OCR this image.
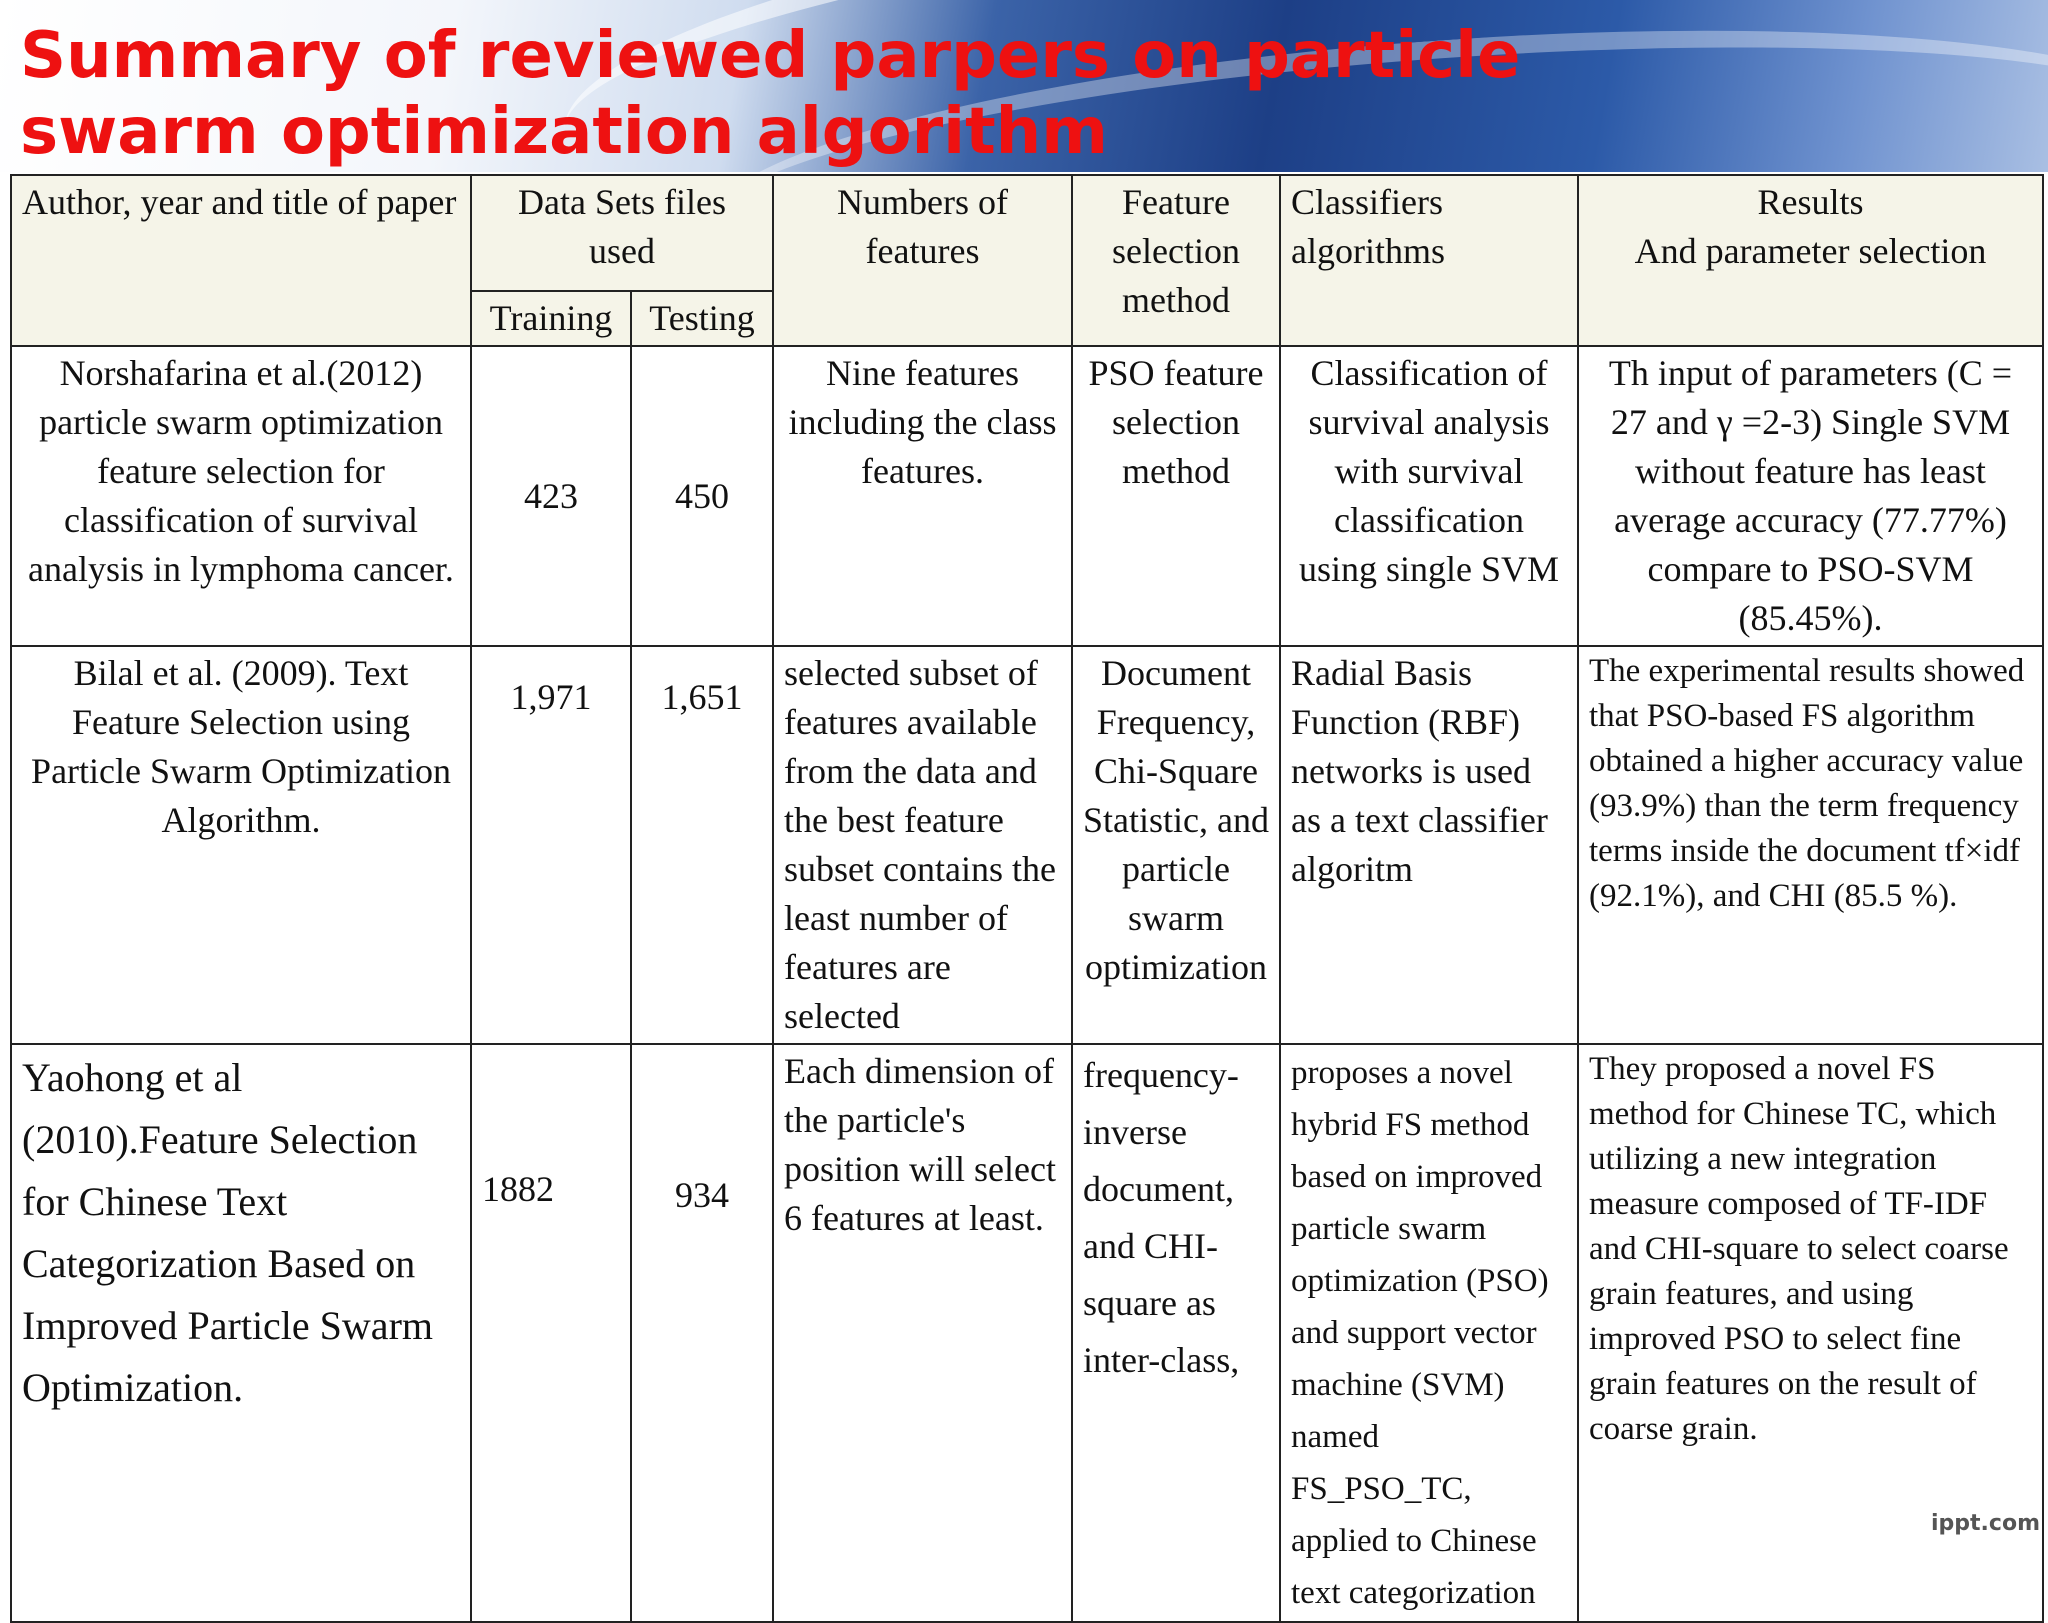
Summary of reviewed parpers on particle swarm optimization algorithm
Author, year and title of paper	Data Sets files used		Numbers of features	Feature selection method	Classifiers algorithms	Results
And parameter selection
	Training	Testing				
Norshafarina et al.(2012) particle swarm optimization feature selection for classification of survival analysis in lymphoma cancer.	423	450	Nine features including the class features.	PSO feature selection method	Classification of survival analysis with survival classification using single SVM	Th input of parameters (C = 27 and γ =2-3) Single SVM without feature has least average accuracy (77.77%) compare to PSO-SVM (85.45%).
Bilal et al. (2009). Text Feature Selection using Particle Swarm Optimization Algorithm.	1,971	1,651	selected subset of features available from the data and the best feature subset contains the least number of features are selected	Document Frequency, Chi-Square Statistic, and particle swarm optimization	Radial Basis Function (RBF) networks is used as a text classifier algoritm	The experimental results showed that PSO-based FS algorithm obtained a higher accuracy value (93.9%) than the term frequency terms inside the document tf×idf (92.1%), and CHI (85.5 %).
Yaohong et al (2010).Feature Selection for Chinese Text Categorization Based on Improved Particle Swarm Optimization.	1882	934	Each dimension of the particle's position will select 6 features at least.	frequency-inverse document, and CHI-square as inter-class,	proposes a novel hybrid FS method based on improved particle swarm optimization (PSO) and support vector machine (SVM) named FS_PSO_TC, applied to Chinese text categorization	They proposed a novel FS method for Chinese TC, which utilizing a new integration measure composed of TF-IDF and CHI-square to select coarse grain features, and using improved PSO to select fine grain features on the result of coarse grain.
ippt.com
